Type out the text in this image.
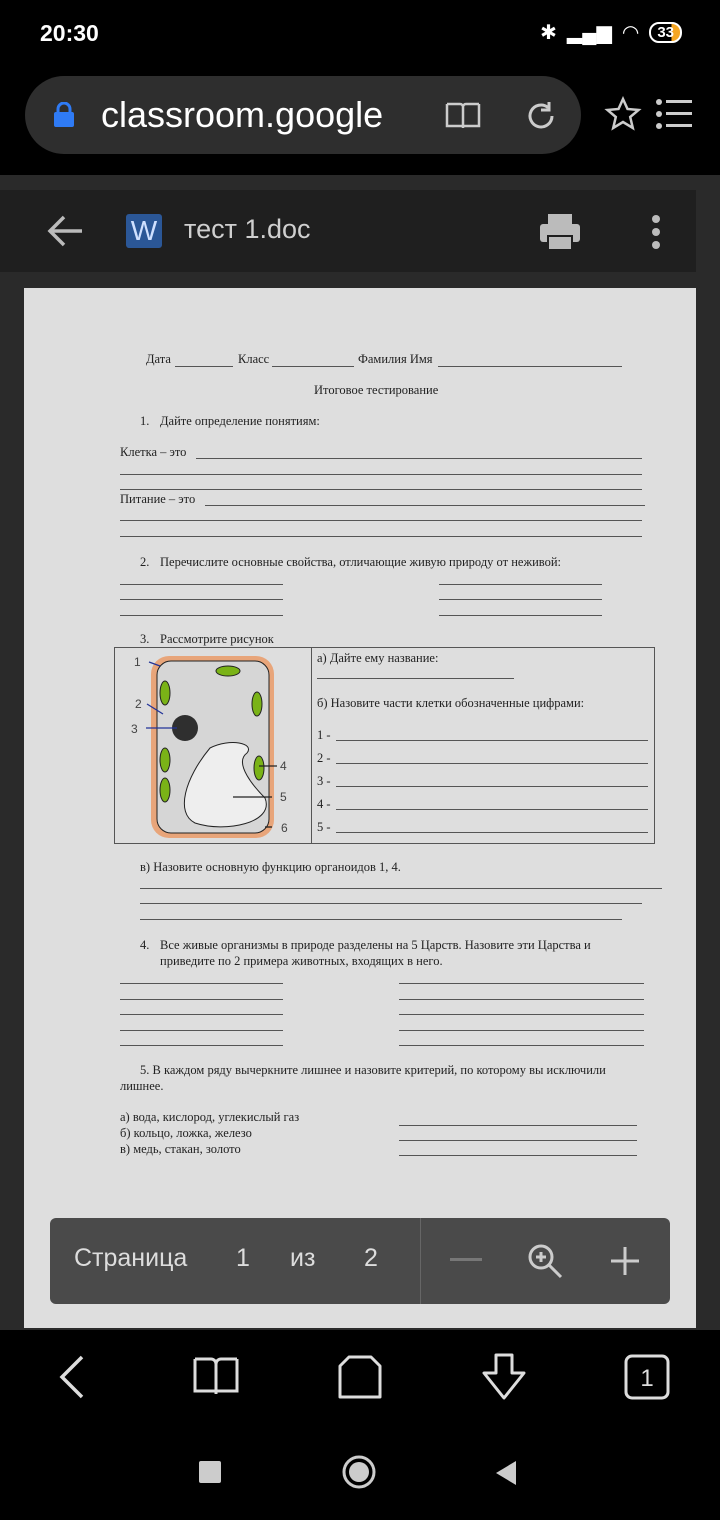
20:30	✱ ▂▄▆ ◠	33
classroom.google
W тест 1.doc
Дата	Класс	Фамилия Имя
Итоговое тестирование
1. Дайте определение понятиям:
Клетка – это
Питание – это
2. Перечислите основные свойства, отличающие живую природу от неживой:
3. Рассмотрите рисунок
1
2
3
4
5
6
а) Дайте ему название:
б) Назовите части клетки обозначенные цифрами:
1 -
2 -
3 -
4 -
5 -
в) Назовите основную функцию органоидов 1, 4.
4. Все живые организмы в природе разделены на 5 Царств. Назовите эти Царства и
приведите по 2 примера животных, входящих в него.
5. В каждом ряду вычеркните лишнее и назовите критерий, по которому вы исключили
лишнее.
а) вода, кислород, углекислый газ
б) кольцо, ложка, железо
в) медь, стакан, золото
Страница 1 из 2
1
